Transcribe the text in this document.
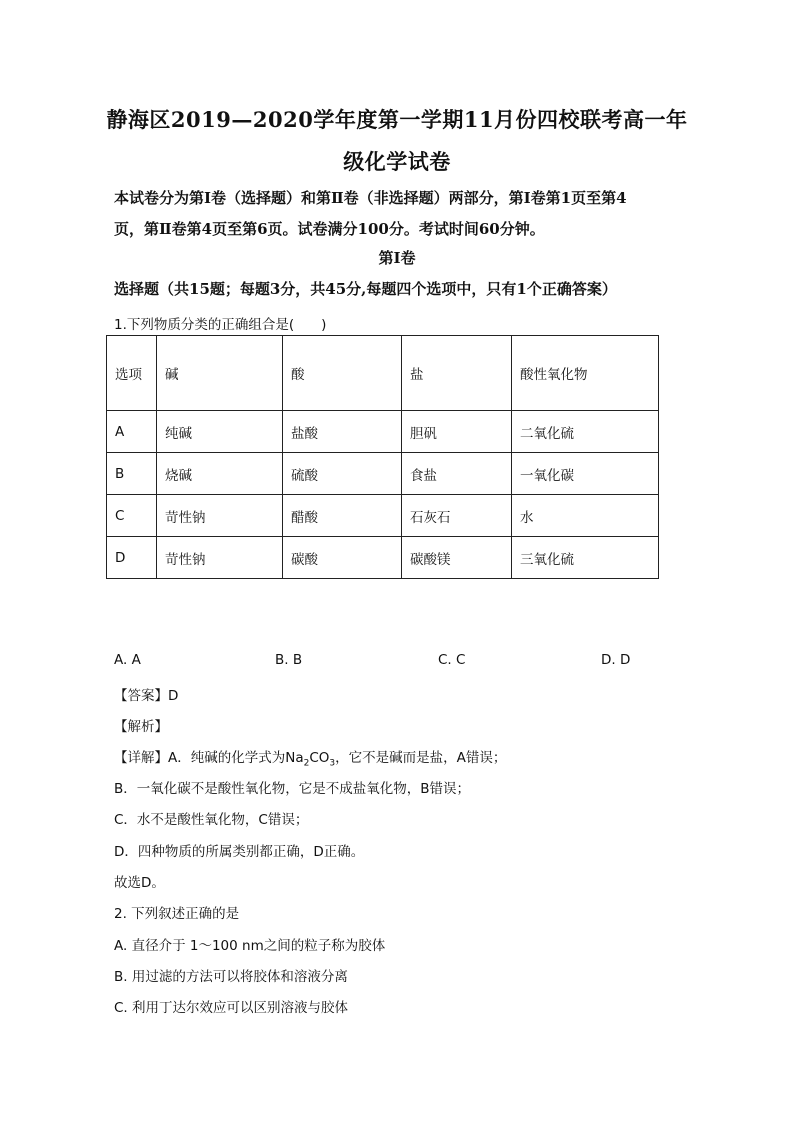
静海区2019—2020学年度第一学期11月份四校联考高一年
级化学试卷
本试卷分为第Ⅰ卷（选择题）和第Ⅱ卷（非选择题）两部分，第Ⅰ卷第1页至第4
页，第Ⅱ卷第4页至第6页。试卷满分100分。考试时间60分钟。
第Ⅰ卷
选择题（共15题；每题3分，共45分,每题四个选项中，只有1个正确答案）
1.下列物质分类的正确组合是(　　)
选项	碱	酸	盐	酸性氧化物
A	纯碱	盐酸	胆矾	二氧化硫
B	烧碱	硫酸	食盐	一氧化碳
C	苛性钠	醋酸	石灰石	水
D	苛性钠	碳酸	碳酸镁	三氧化硫
A. A	B. B	C. C	D. D
【答案】D
【解析】
【详解】A．纯碱的化学式为$Na_2CO_3$，它不是碱而是盐，A错误；
B．一氧化碳不是酸性氧化物，它是不成盐氧化物，B错误；
C．水不是酸性氧化物，C错误；
D．四种物质的所属类别都正确，D正确。
故选D。
2. 下列叙述正确的是
A. 直径介于 1～100 nm之间的粒子称为胶体
B. 用过滤的方法可以将胶体和溶液分离
C. 利用丁达尔效应可以区别溶液与胶体
